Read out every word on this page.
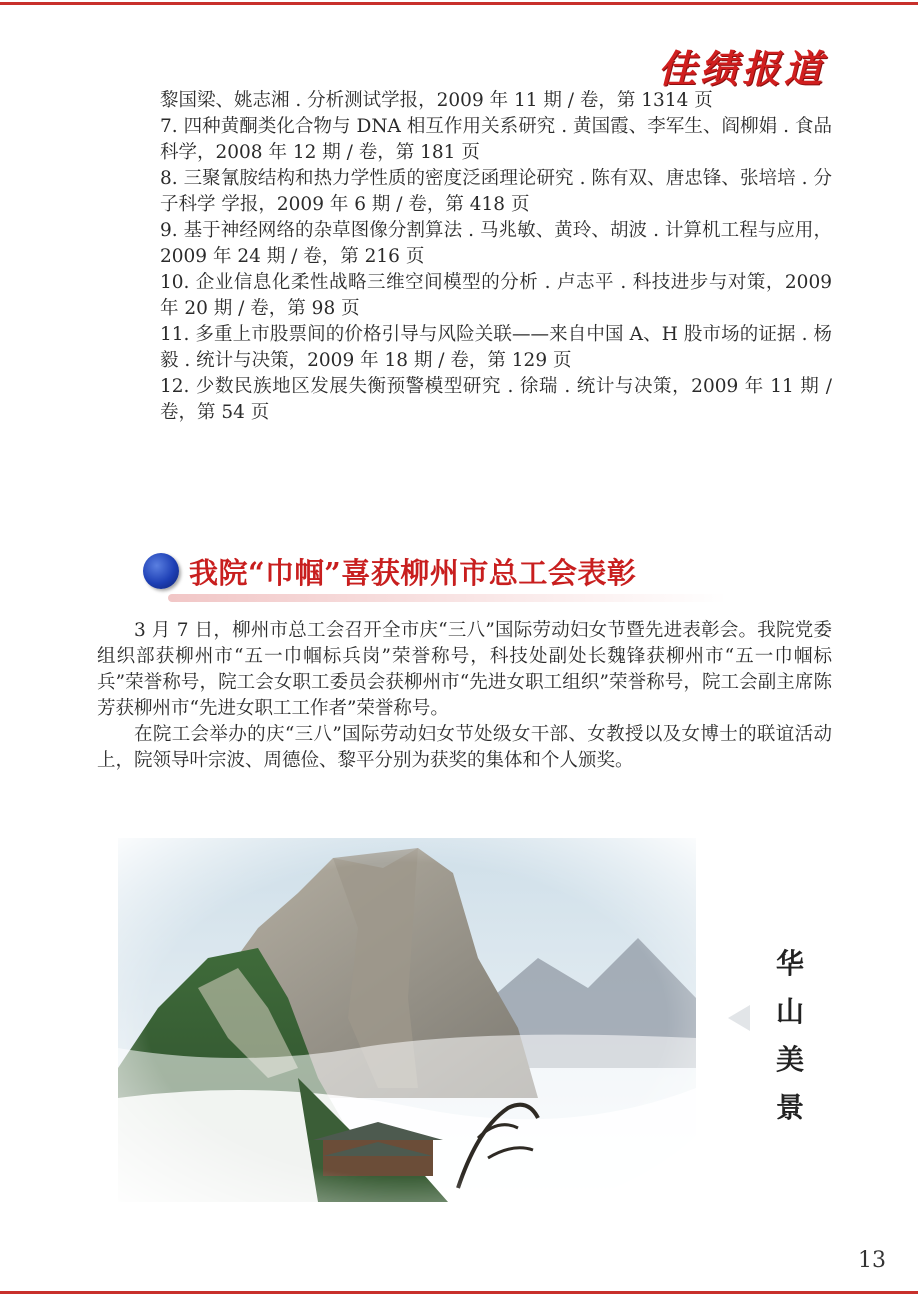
佳绩报道

黎国梁、姚志湘 . 分析测试学报，2009 年 11 期 / 卷，第 1314 页

7. 四种黄酮类化合物与 DNA 相互作用关系研究 . 黄国霞、李军生、阎柳娟 . 食品科学，2008 年 12 期 / 卷，第 181 页

8. 三聚氰胺结构和热力学性质的密度泛函理论研究 . 陈有双、唐忠锋、张培培 . 分子科学 学报，2009 年 6 期 / 卷，第 418 页

9. 基于神经网络的杂草图像分割算法 . 马兆敏、黄玲、胡波 . 计算机工程与应用，2009 年 24 期 / 卷，第 216 页

10. 企业信息化柔性战略三维空间模型的分析 . 卢志平 . 科技进步与对策，2009 年 20 期 / 卷，第 98 页

11. 多重上市股票间的价格引导与风险关联——来自中国 A、H 股市场的证据 . 杨毅 . 统计与决策，2009 年 18 期 / 卷，第 129 页

12. 少数民族地区发展失衡预警模型研究 . 徐瑞 . 统计与决策，2009 年 11 期 / 卷，第 54 页

我院“巾帼”喜获柳州市总工会表彰

3 月 7 日，柳州市总工会召开全市庆“三八”国际劳动妇女节暨先进表彰会。我院党委组织部获柳州市“五一巾帼标兵岗”荣誉称号，科技处副处长魏锋获柳州市“五一巾帼标兵”荣誉称号，院工会女职工委员会获柳州市“先进女职工组织”荣誉称号，院工会副主席陈芳获柳州市“先进女职工工作者”荣誉称号。

在院工会举办的庆“三八”国际劳动妇女节处级女干部、女教授以及女博士的联谊活动上，院领导叶宗波、周德俭、黎平分别为获奖的集体和个人颁奖。

华
山
美
景
13
